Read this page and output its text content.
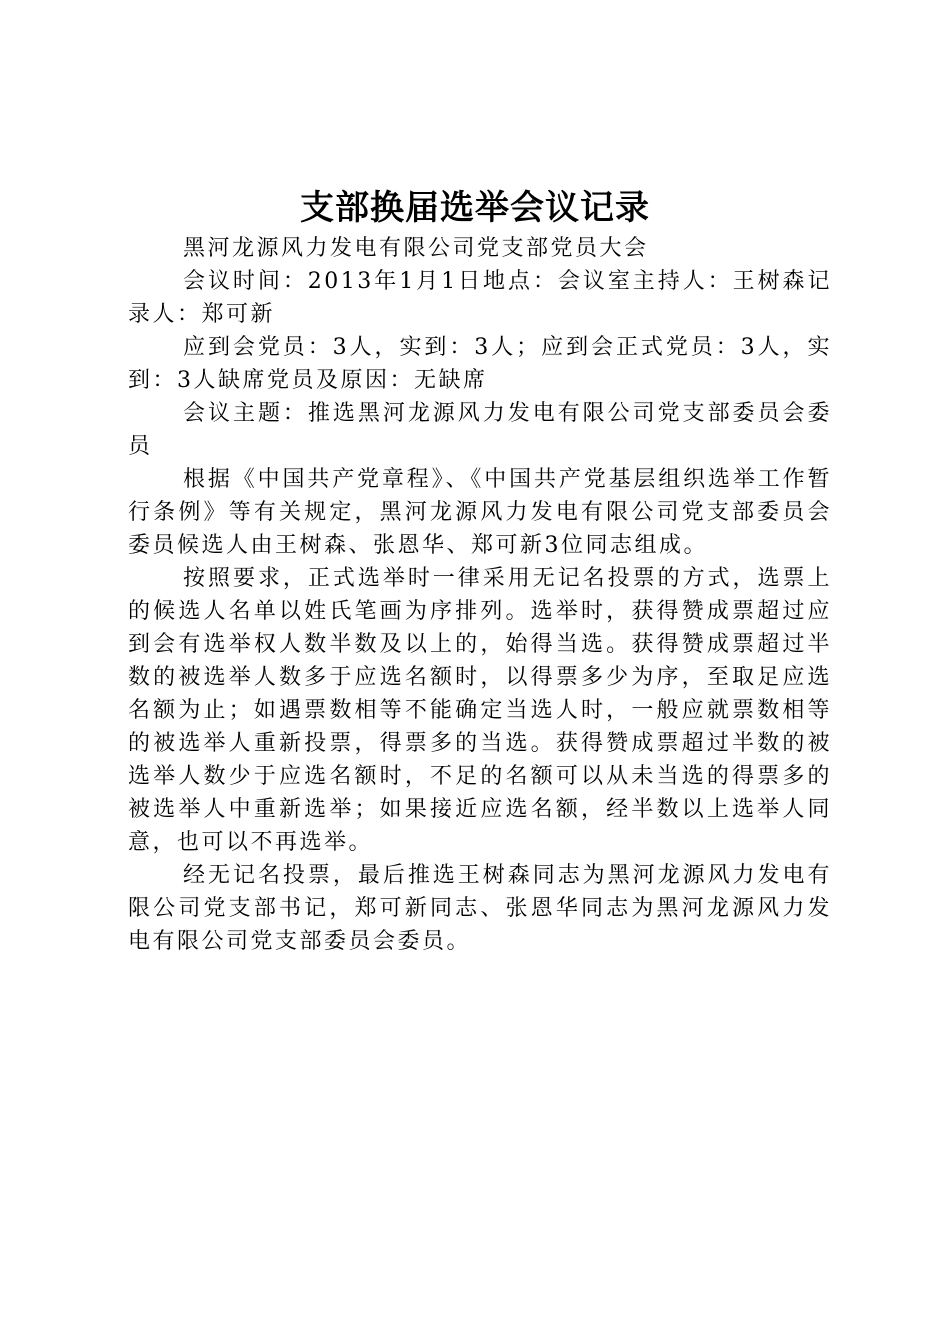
支部换届选举会议记录

黑河龙源风力发电有限公司党支部党员大会

会议时间：2013年1月1日地点：会议室主持人：王树森记录人：郑可新

应到会党员：3人，实到：3人；应到会正式党员：3人，实到：3人缺席党员及原因：无缺席

会议主题：推选黑河龙源风力发电有限公司党支部委员会委员

根据《中国共产党章程》、《中国共产党基层组织选举工作暂行条例》等有关规定，黑河龙源风力发电有限公司党支部委员会委员候选人由王树森、张恩华、郑可新3位同志组成。

按照要求，正式选举时一律采用无记名投票的方式，选票上的候选人名单以姓氏笔画为序排列。选举时，获得赞成票超过应到会有选举权人数半数及以上的，始得当选。获得赞成票超过半数的被选举人数多于应选名额时，以得票多少为序，至取足应选名额为止；如遇票数相等不能确定当选人时，一般应就票数相等的被选举人重新投票，得票多的当选。获得赞成票超过半数的被选举人数少于应选名额时，不足的名额可以从未当选的得票多的被选举人中重新选举；如果接近应选名额，经半数以上选举人同意，也可以不再选举。

经无记名投票，最后推选王树森同志为黑河龙源风力发电有限公司党支部书记，郑可新同志、张恩华同志为黑河龙源风力发电有限公司党支部委员会委员。
